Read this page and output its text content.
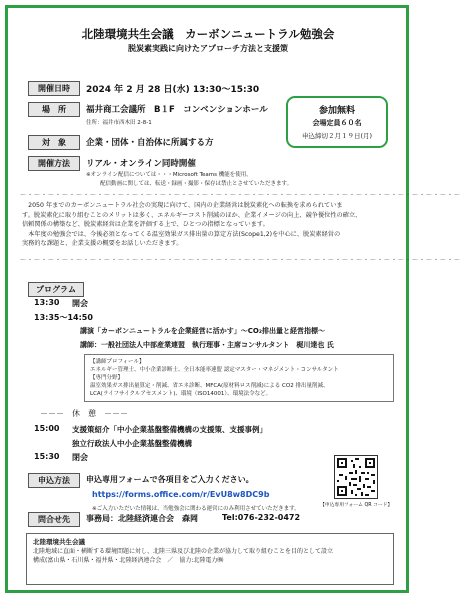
北陸環境共生会議　カーボンニュートラル勉強会
脱炭素実践に向けたアプローチ方法と支援策
開催日時	2024 年 2 月 28 日(水) 13:30～15:30
場　所	福井商工会議所　B１F　コンベンションホール
住所：福井市西木田 2-8-1
対　象	企業・団体・自治体に所属する方
開催方法	リアル・オンライン同時開催
※オンライン配信については・・・Microsoft Teams 機能を使用。
配信動画に関しては、転送・録画・撮影・保存は禁止とさせていただきます。
参加無料
会場定員６０名
申込締切２月１９日(月)
～・～・～・～・～・～・～・～・～・～・～・～・～・～・～・～・～・～・～・～・～・～・～・～・～・～・～・～・～・～・～・～
　2050 年までのカーボンニュートラル社会の実現に向けて、国内の企業経営は脱炭素化への転換を求められていま
す。脱炭素化に取り組むことのメリットは多く、エネルギーコスト削減のほか、企業イメージの向上、競争優位性の確立、
信頼関係の構築など、脱炭素経営は企業を評価する上で、ひとつの指標となっています。
　本年度の勉強会では、今後必須となってくる温室効果ガス排出量の算定方法(Scope1,2)を中心に、脱炭素経営の
実務的な課題と、企業支援の概要をお話しいただきます。
～・～・～・～・～・～・～・～・～・～・～・～・～・～・～・～・～・～・～・～・～・～・～・～・～・～・～・～・～・～・～・～
プログラム
13:30 開会
13:35～14:50
講演「カーボンニュートラルを企業経営に活かす」～CO₂排出量と経営指標～
講師：一般社団法人中部産業連盟　執行理事・主席コンサルタント　梶川達也 氏
【講師プロフィール】
エネルギー管理士、中小企業診断士、全日本能率連盟 認定マスター・マネジメント・コンサルタント
【専門分野】
温室効果ガス排出量算定・削減、省エネ診断、MFCA(原材料ロス削減)による CO2 排出量削減、
LCA(ライフサイクルアセスメント)、環境（ISO14001）、環境法令など。
－－－　休　憩　－－－
15:00 支援策紹介「中小企業基盤整備機構の支援策、支援事例」
独立行政法人中小企業基盤整備機構
15:30 閉会
申込方法	申込専用フォームで各項目をご入力ください。
https://forms.office.com/r/EvU8w8DC9b
※ご入力いただいた情報は、当勉強会に関わる運営にのみ利用させていただきます。
【申込専用フォーム QR コード】
問合せ先	事務局：北陸経済連合会　森岡	Tel:076-232-0472
北陸環境共生会議
北陸地域に直面・横断する環境問題に対し、北陸三県及び北陸の企業が協力して取り組むことを目的として設立
構成(富山県・石川県・福井県・北陸経済連合会　／　協力:北陸電力㈱
